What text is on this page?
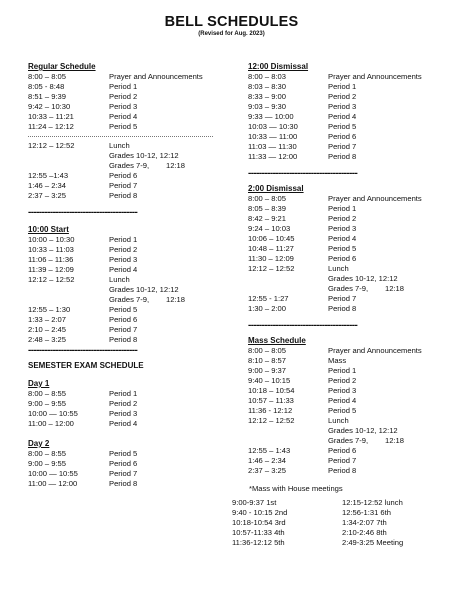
BELL SCHEDULES
(Revised for Aug. 2023)
Regular Schedule
8:00 – 8:05	Prayer and Announcements
8:05 - 8:48	Period 1
8:51 – 9:39	Period 2
9:42 – 10:30	Period 3
10:33 – 11:21	Period 4
11:24 – 12:12	Period 5
12:12 – 12:52	Lunch
Grades 10-12, 12:12
Grades 7-9, 12:18
12:55 –1:43	Period 6
1:46 – 2:34	Period 7
2:37 – 3:25	Period 8
----------------------------------------
10:00 Start
10:00 – 10:30	Period 1
10:33 – 11:03	Period 2
11:06 – 11:36	Period 3
11:39 – 12:09	Period 4
12:12 – 12:52	Lunch
Grades 10-12, 12:12
Grades 7-9, 12:18
12:55 – 1:30	Period 5
1:33 – 2:07	Period 6
2:10 – 2:45	Period 7
2:48 – 3:25	Period 8
----------------------------------------
SEMESTER EXAM SCHEDULE
Day 1
8:00 – 8:55	Period 1
9:00 – 9:55	Period 2
10:00 — 10:55	Period 3
11:00 – 12:00	Period 4
Day 2
8:00 – 8:55	Period 5
9:00 – 9:55	Period 6
10:00 — 10:55	Period 7
11:00 — 12:00	Period 8
12:00 Dismissal
8:00 – 8:03	Prayer and Announcements
8:03 – 8:30	Period 1
8:33 – 9:00	Period 2
9:03 – 9:30	Period 3
9:33 — 10:00	Period 4
10:03 — 10:30	Period 5
10:33 — 11:00	Period 6
11:03 — 11:30	Period 7
11:33 — 12:00	Period 8
----------------------------------------
2:00 Dismissal
8:00 – 8:05	Prayer and Announcements
8:05 – 8:39	Period 1
8:42 – 9:21	Period 2
9:24 – 10:03	Period 3
10:06 – 10:45	Period 4
10:48 – 11:27	Period 5
11:30 – 12:09	Period 6
12:12 – 12:52	Lunch
Grades 10-12, 12:12
Grades 7-9, 12:18
12:55 - 1:27	Period 7
1:30 – 2:00	Period 8
----------------------------------------
Mass Schedule
8:00 – 8:05	Prayer and Announcements
8:10 – 8:57	Mass
9:00 – 9:37	Period 1
9:40 – 10:15	Period 2
10:18 – 10:54	Period 3
10:57 – 11:33	Period 4
11:36 - 12:12	Period 5
12:12 – 12:52	Lunch
Grades 10-12, 12:12
Grades 7-9, 12:18
12:55 – 1:43	Period 6
1:46 – 2:34	Period 7
2:37 – 3:25	Period 8
*Mass with House meetings
9:00-9:37 1st	12:15-12:52 lunch
9:40 - 10:15 2nd	12:56-1:31 6th
10:18-10:54 3rd	1:34-2:07 7th
10:57-11:33 4th	2:10-2:46 8th
11:36-12:12 5th	2:49-3:25 Meeting
